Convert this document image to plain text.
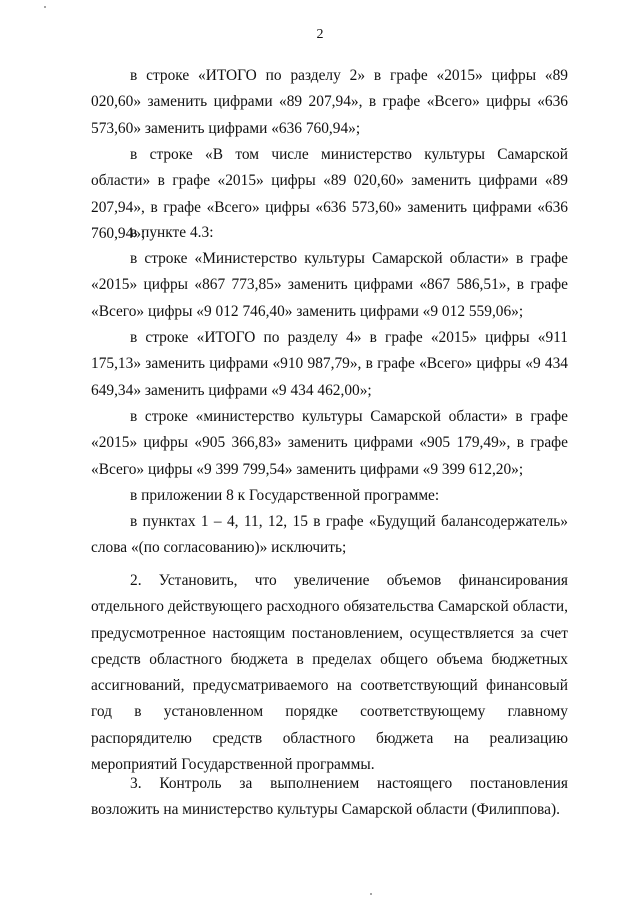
2

в строке «ИТОГО по разделу 2» в графе «2015» цифры «89 020,60» заменить цифрами «89 207,94», в графе «Всего» цифры «636 573,60» заменить цифрами «636 760,94»;

в строке «В том числе министерство культуры Самарской области» в графе «2015» цифры «89 020,60» заменить цифрами «89 207,94», в графе «Всего» цифры «636 573,60» заменить цифрами «636 760,94»;

в пункте 4.3:

в строке «Министерство культуры Самарской области» в графе «2015» цифры «867 773,85» заменить цифрами «867 586,51», в графе «Всего» цифры «9 012 746,40» заменить цифрами «9 012 559,06»;

в строке «ИТОГО по разделу 4» в графе «2015» цифры «911 175,13» заменить цифрами «910 987,79», в графе «Всего» цифры «9 434 649,34» заменить цифрами «9 434 462,00»;

в строке «министерство культуры Самарской области» в графе «2015» цифры «905 366,83» заменить цифрами «905 179,49», в графе «Всего» цифры «9 399 799,54» заменить цифрами «9 399 612,20»;

в приложении 8 к Государственной программе:

в пунктах 1 – 4, 11, 12, 15 в графе «Будущий балансодержатель» слова «(по согласованию)» исключить;

2. Установить, что увеличение объемов финансирования отдельного действующего расходного обязательства Самарской области, предусмотренное настоящим постановлением, осуществляется за счет средств областного бюджета в пределах общего объема бюджетных ассигнований, предусматриваемого на соответствующий финансовый год в установленном порядке соответствующему главному распорядителю средств областного бюджета на реализацию мероприятий Государственной программы.

3. Контроль за выполнением настоящего постановления возложить на министерство культуры Самарской области (Филиппова).
